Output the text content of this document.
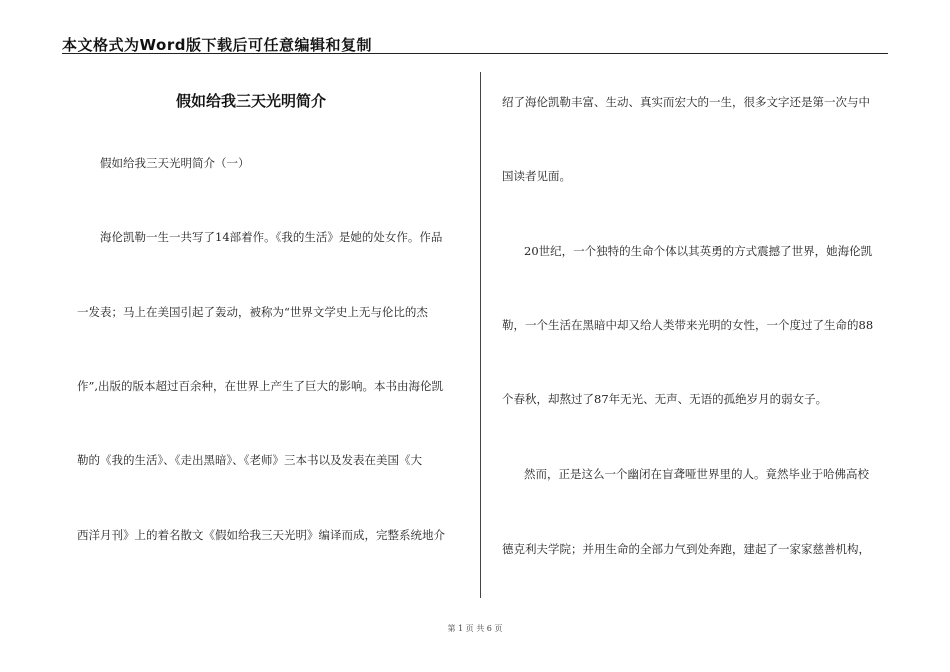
本文格式为Word版下载后可任意编辑和复制
假如给我三天光明简介
假如给我三天光明简介（一）
海伦凯勒一生一共写了14部着作。《我的生活》是她的处女作。作品
一发表；马上在美国引起了轰动，被称为“世界文学史上无与伦比的杰
作”,出版的版本超过百余种，在世界上产生了巨大的影响。本书由海伦凯
勒的《我的生活》、《走出黑暗》、《老师》三本书以及发表在美国《大
西洋月刊》上的着名散文《假如给我三天光明》编译而成，完整系统地介
绍了海伦凯勒丰富、生动、真实而宏大的一生，很多文字还是第一次与中
国读者见面。
20世纪，一个独特的生命个体以其英勇的方式震撼了世界，她海伦凯
勒，一个生活在黑暗中却又给人类带来光明的女性，一个度过了生命的88
个春秋，却熬过了87年无光、无声、无语的孤绝岁月的弱女子。
然而，正是这么一个幽闭在盲聋哑世界里的人。竟然毕业于哈佛高校
德克利夫学院；并用生命的全部力气到处奔跑，建起了一家家慈善机构，
第 1 页 共 6 页
